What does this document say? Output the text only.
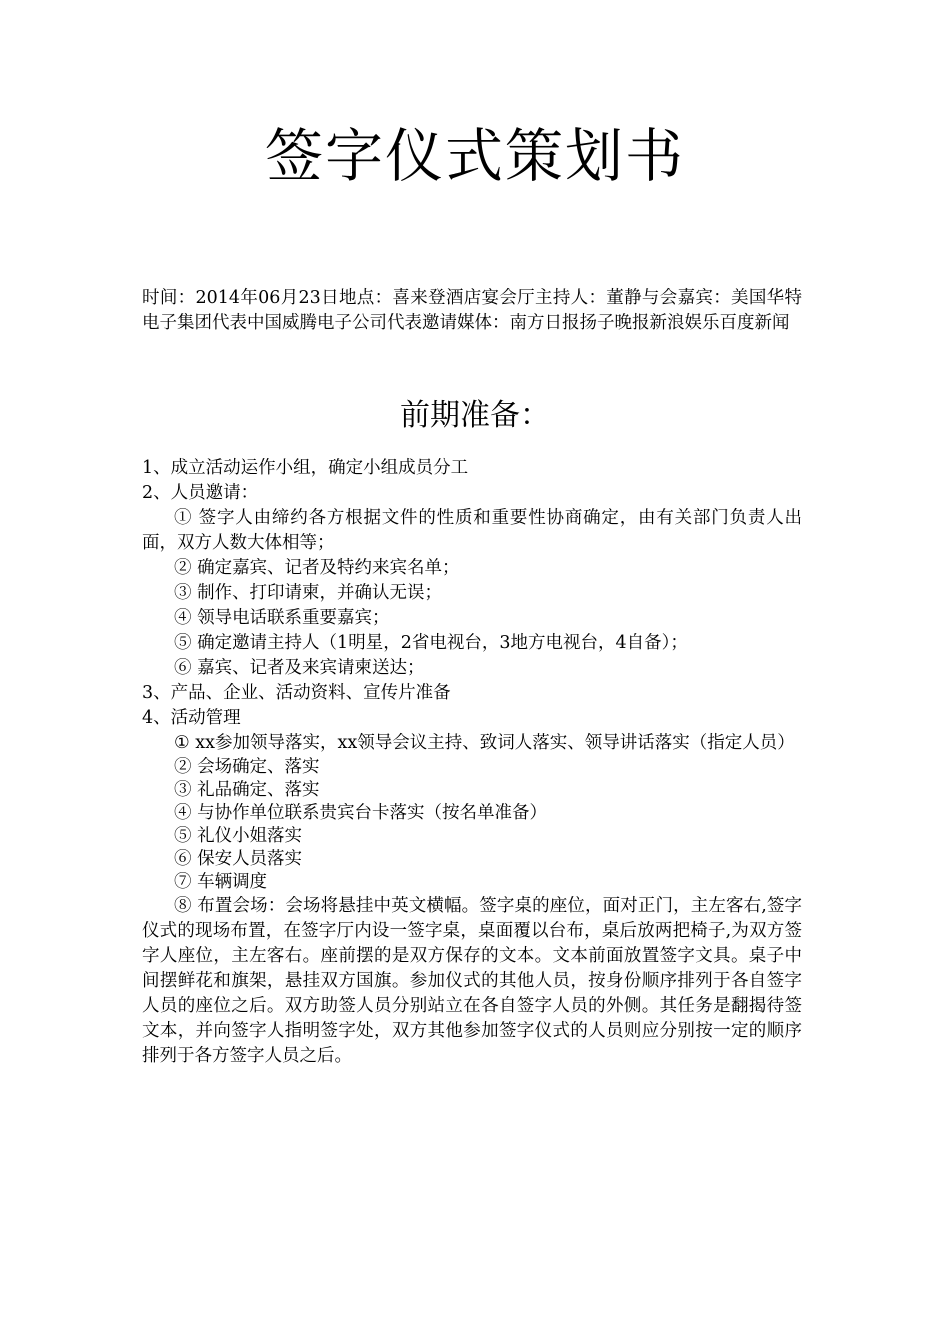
签字仪式策划书

时间：2014年06月23日地点：喜来登酒店宴会厅主持人：董静与会嘉宾：美国华特电子集团代表中国威腾电子公司代表邀请媒体：南方日报扬子晚报新浪娱乐百度新闻

前期准备：

1、成立活动运作小组，确定小组成员分工

2、人员邀请：

① 签字人由缔约各方根据文件的性质和重要性协商确定，由有关部门负责人出面，双方人数大体相等；

② 确定嘉宾、记者及特约来宾名单；

③ 制作、打印请柬，并确认无误；

④ 领导电话联系重要嘉宾；

⑤ 确定邀请主持人（1明星，2省电视台，3地方电视台，4自备）；

⑥ 嘉宾、记者及来宾请柬送达；

3、产品、企业、活动资料、宣传片准备

4、活动管理

① xx参加领导落实，xx领导会议主持、致词人落实、领导讲话落实（指定人员）

② 会场确定、落实

③ 礼品确定、落实

④ 与协作单位联系贵宾台卡落实（按名单准备）

⑤ 礼仪小姐落实

⑥ 保安人员落实

⑦ 车辆调度

⑧ 布置会场：会场将悬挂中英文横幅。签字桌的座位，面对正门，主左客右,签字仪式的现场布置，在签字厅内设一签字桌，桌面覆以台布，桌后放两把椅子,为双方签字人座位，主左客右。座前摆的是双方保存的文本。文本前面放置签字文具。桌子中间摆鲜花和旗架，悬挂双方国旗。参加仪式的其他人员，按身份顺序排列于各自签字人员的座位之后。双方助签人员分别站立在各自签字人员的外侧。其任务是翻揭待签文本，并向签字人指明签字处，双方其他参加签字仪式的人员则应分别按一定的顺序排列于各方签字人员之后。
